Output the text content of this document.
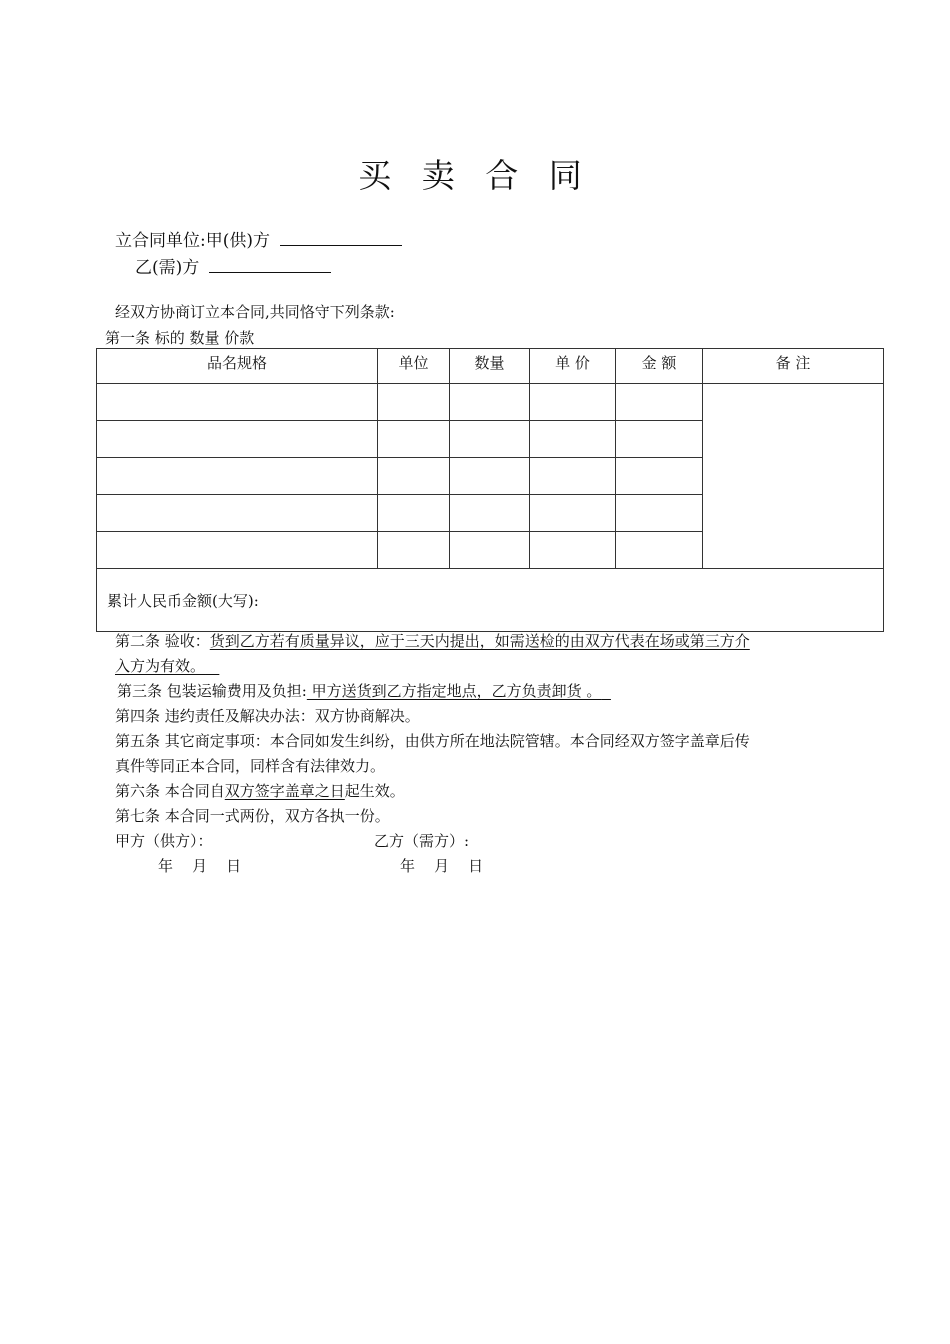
买 卖 合 同
立合同单位:甲(供)方
乙(需)方
经双方协商订立本合同,共同恪守下列条款:
第一条 标的 数量 价款
品名规格	单位	数量	单 价	金 额	备 注

累计人民币金额(大写):					
第二条 验收：货到乙方若有质量异议，应于三天内提出，如需送检的由双方代表在场或第三方介
入方为有效。
第三条 包装运输费用及负担: 甲方送货到乙方指定地点，乙方负责卸货 。
第四条 违约责任及解决办法：双方协商解决。
第五条 其它商定事项：本合同如发生纠纷，由供方所在地法院管辖。本合同经双方签字盖章后传
真件等同正本合同，同样含有法律效力。
第六条 本合同自双方签字盖章之日起生效。
第七条 本合同一式两份，双方各执一份。
甲方（供方）：	乙方（需方）:
年    月    日	年    月    日
